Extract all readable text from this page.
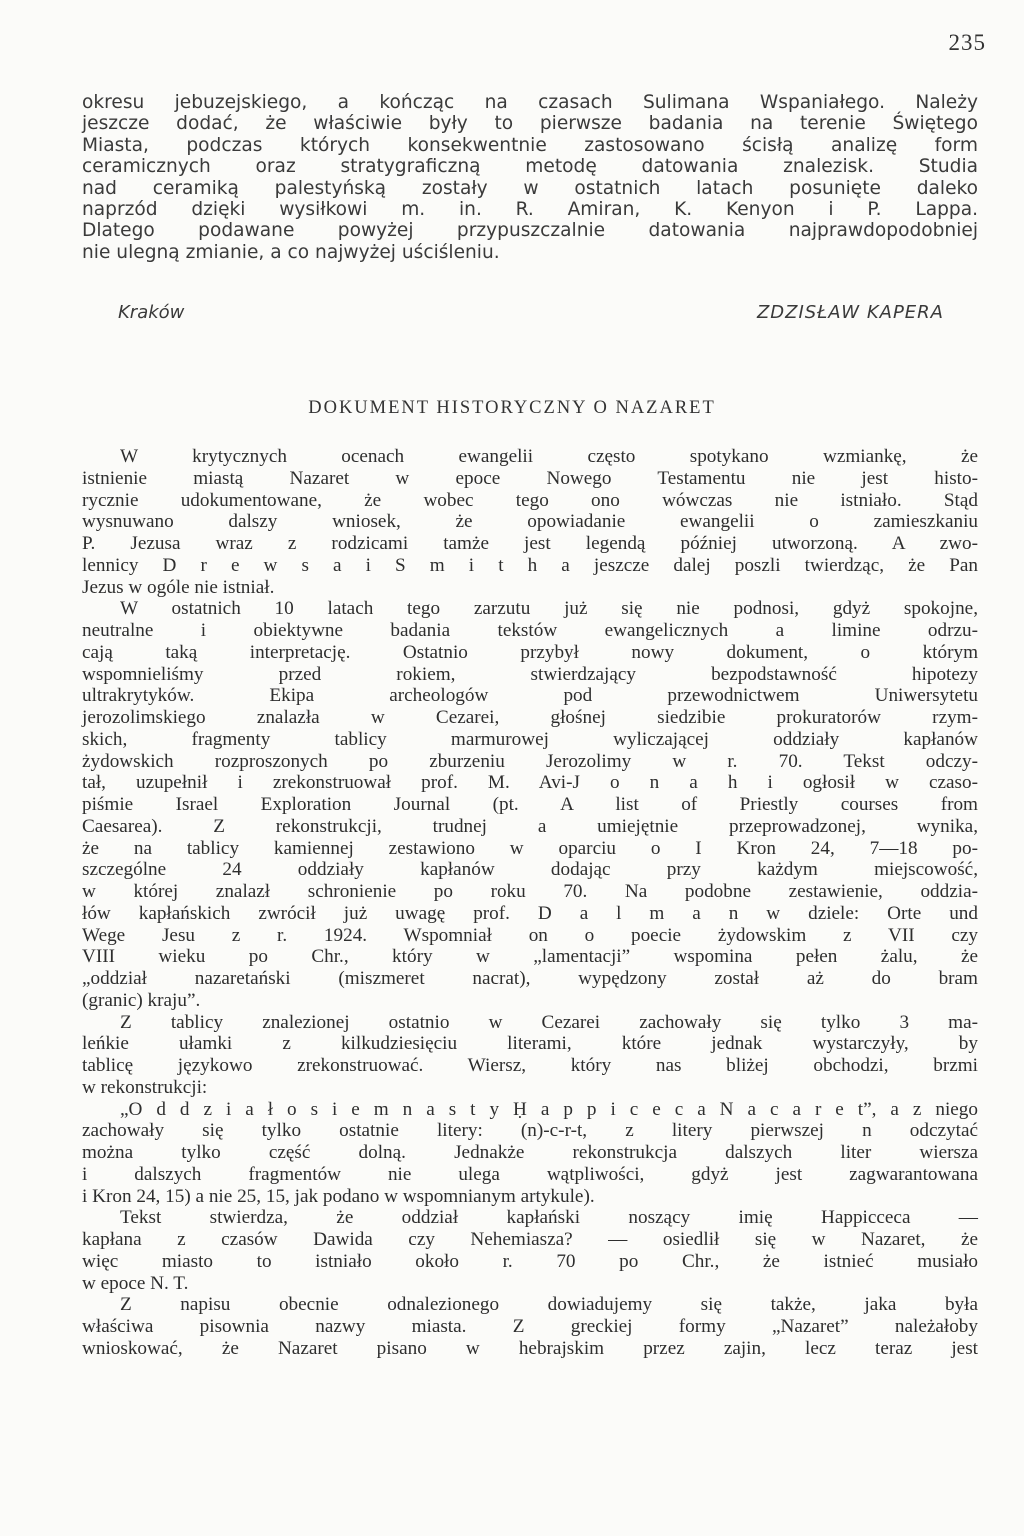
235
okresu jebuzejskiego, a kończąc na czasach Sulimana Wspaniałego. Należy
jeszcze dodać, że właściwie były to pierwsze badania na terenie Świętego
Miasta, podczas których konsekwentnie zastosowano ścisłą analizę form
ceramicznych oraz stratygraficzną metodę datowania znalezisk. Studia
nad ceramiką palestyńską zostały w ostatnich latach posunięte daleko
naprzód dzięki wysiłkowi m. in. R. Amiran, K. Kenyon i P. Lappa.
Dlatego podawane powyżej przypuszczalnie datowania najprawdopodobniej
nie ulegną zmianie, a co najwyżej uściśleniu.
Kraków	ZDZISŁAW KAPERA
DOKUMENT HISTORYCZNY O NAZARET
W krytycznych ocenach ewangelii często spotykano wzmiankę, że
istnienie miastą Nazaret w epoce Nowego Testamentu nie jest histo-
rycznie udokumentowane, że wobec tego ono wówczas nie istniało. Stąd
wysnuwano dalszy wniosek, że opowiadanie ewangelii o zamieszkaniu
P. Jezusa wraz z rodzicami tamże jest legendą później utworzoną. A zwo-
lennicy D r e w s a i S m i t h a jeszcze dalej poszli twierdząc, że Pan
Jezus w ogóle nie istniał.
W ostatnich 10 latach tego zarzutu już się nie podnosi, gdyż spokojne,
neutralne i obiektywne badania tekstów ewangelicznych a limine odrzu-
cają taką interpretację. Ostatnio przybył nowy dokument, o którym
wspomnieliśmy przed rokiem, stwierdzający bezpodstawność hipotezy
ultrakrytyków. Ekipa archeologów pod przewodnictwem Uniwersytetu
jerozolimskiego znalazła w Cezarei, głośnej siedzibie prokuratorów rzym-
skich, fragmenty tablicy marmurowej wyliczającej oddziały kapłanów
żydowskich rozproszonych po zburzeniu Jerozolimy w r. 70. Tekst odczy-
tał, uzupełnił i zrekonstruował prof. M. Avi-J o n a h i ogłosił w czaso-
piśmie Israel Exploration Journal (pt. A list of Priestly courses from
Caesarea). Z rekonstrukcji, trudnej a umiejętnie przeprowadzonej, wynika,
że na tablicy kamiennej zestawiono w oparciu o I Kron 24, 7—18 po-
szczególne 24 oddziały kapłanów dodając przy każdym miejscowość,
w której znalazł schronienie po roku 70. Na podobne zestawienie, oddzia-
łów kapłańskich zwrócił już uwagę prof. D a l m a n w dziele: Orte und
Wege Jesu z r. 1924. Wspomniał on o poecie żydowskim z VII czy
VIII wieku po Chr., który w „lamentacji” wspomina pełen żalu, że
„oddział nazaretański (miszmeret nacrat), wypędzony został aż do bram
(granic) kraju”.
Z tablicy znalezionej ostatnio w Cezarei zachowały się tylko 3 ma-
leńkie ułamki z kilkudziesięciu literami, które jednak wystarczyły, by
tablicę językowo zrekonstruować. Wiersz, który nas bliżej obchodzi, brzmi
w rekonstrukcji:
„O d d z i a ł o s i e m n a s t y Ḥ a p p i c e c a N a c a r e t”, a z niego
zachowały się tylko ostatnie litery: (n)-c-r-t, z litery pierwszej n odczytać
można tylko część dolną. Jednakże rekonstrukcja dalszych liter wiersza
i dalszych fragmentów nie ulega wątpliwości, gdyż jest zagwarantowana
i Kron 24, 15) a nie 25, 15, jak podano w wspomnianym artykule).
Tekst stwierdza, że oddział kapłański noszący imię Happicceca —
kapłana z czasów Dawida czy Nehemiasza? — osiedlił się w Nazaret, że
więc miasto to istniało około r. 70 po Chr., że istnieć musiało
w epoce N. T.
Z napisu obecnie odnalezionego dowiadujemy się także, jaka była
właściwa pisownia nazwy miasta. Z greckiej formy „Nazaret” należałoby
wnioskować, że Nazaret pisano w hebrajskim przez zajin, lecz teraz jest
